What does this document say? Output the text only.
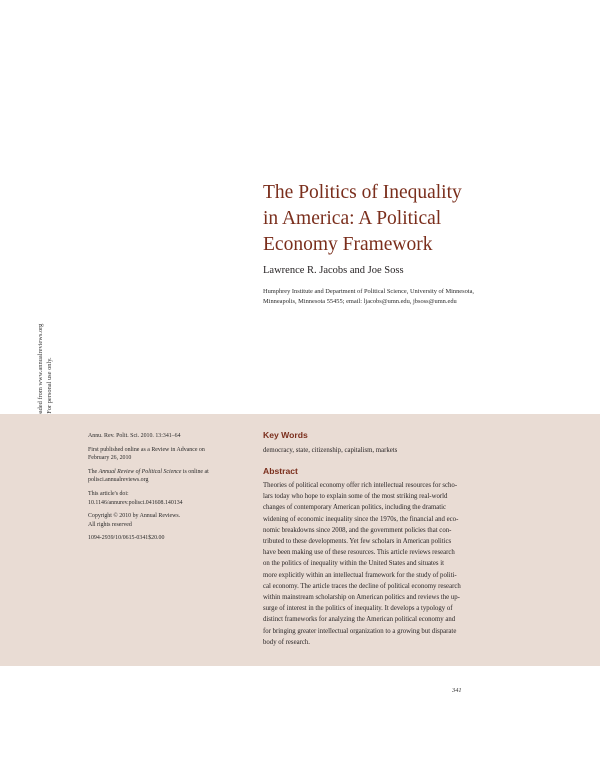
The Politics of Inequality
in America: A Political
Economy Framework
Lawrence R. Jacobs and Joe Soss
Humphrey Institute and Department of Political Science, University of Minnesota,
Minneapolis, Minnesota 55455; email: ljacobs@umn.edu, jbsoss@umn.edu
Annu. Rev. Polit. Sci. 2010. 13:341–64
First published online as a Review in Advance on
February 26, 2010
The Annual Review of Political Science is online at
polisci.annualreviews.org
This article's doi:
10.1146/annurev.polisci.041608.140134
Copyright © 2010 by Annual Reviews.
All rights reserved
1094-2939/10/0615-0341$20.00
Key Words
democracy, state, citizenship, capitalism, markets
Abstract
Theories of political economy offer rich intellectual resources for scho-
lars today who hope to explain some of the most striking real-world
changes of contemporary American politics, including the dramatic
widening of economic inequality since the 1970s, the financial and eco-
nomic breakdowns since 2008, and the government policies that con-
tributed to these developments. Yet few scholars in American politics
have been making use of these resources. This article reviews research
on the politics of inequality within the United States and situates it
more explicitly within an intellectual framework for the study of politi-
cal economy. The article traces the decline of political economy research
within mainstream scholarship on American politics and reviews the up-
surge of interest in the politics of inequality. It develops a typology of
distinct frameworks for analyzing the American political economy and
for bringing greater intellectual organization to a growing but disparate
body of research.
341
